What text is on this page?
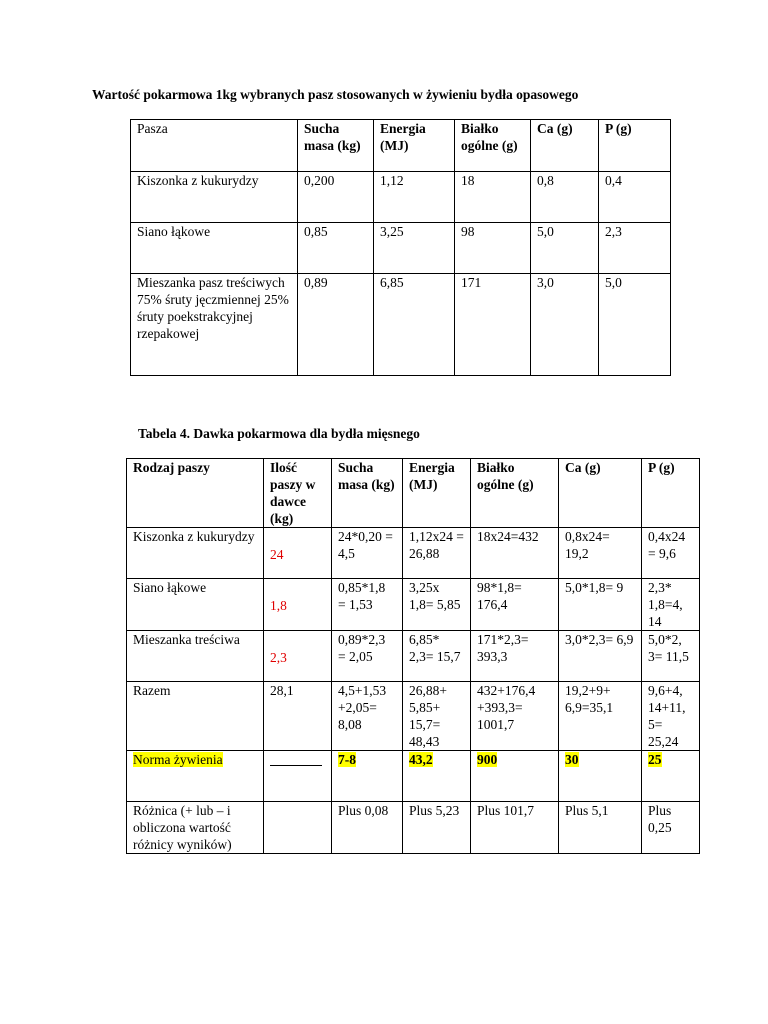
Wartość pokarmowa 1kg wybranych pasz stosowanych w żywieniu bydła opasowego
Pasza	Sucha masa (kg)	Energia (MJ)	Białko ogólne (g)	Ca (g)	P (g)
Kiszonka z kukurydzy	0,200	1,12	18	0,8	0,4
Siano łąkowe	0,85	3,25	98	5,0	2,3
Mieszanka pasz treściwych 75% śruty jęczmiennej 25% śruty poekstrakcyjnej rzepakowej	0,89	6,85	171	3,0	5,0
Tabela 4. Dawka pokarmowa dla bydła mięsnego
Rodzaj paszy	Ilość paszy w dawce (kg)	Sucha masa (kg)	Energia (MJ)	Białko ogólne (g)	Ca (g)	P (g)
Kiszonka z kukurydzy	24	24*0,20 = 4,5	1,12x24 = 26,88	18x24=432	0,8x24= 19,2	0,4x24 = 9,6
Siano łąkowe	1,8	0,85*1,8 = 1,53	3,25x 1,8= 5,85	98*1,8= 176,4	5,0*1,8= 9	2,3* 1,8=4, 14
Mieszanka treściwa	2,3	0,89*2,3 = 2,05	6,85* 2,3= 15,7	171*2,3= 393,3	3,0*2,3= 6,9	5,0*2, 3= 11,5
Razem	28,1	4,5+1,53 +2,05= 8,08	26,88+ 5,85+ 15,7= 48,43	432+176,4 +393,3= 1001,7	19,2+9+ 6,9=35,1	9,6+4, 14+11, 5= 25,24
Norma żywienia		7-8	43,2	900	30	25
Różnica (+ lub – i obliczona wartość różnicy wyników)		Plus 0,08	Plus 5,23	Plus 101,7	Plus 5,1	Plus 0,25
